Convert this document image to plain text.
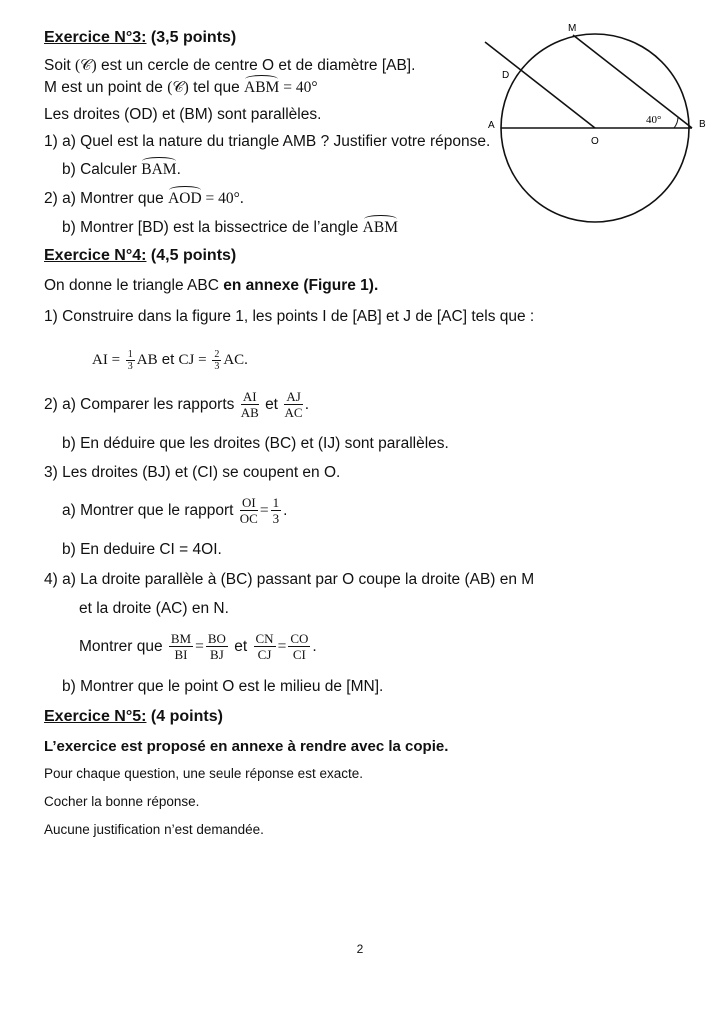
Exercice N°3: (3,5 points)
Soit (𝒞) est un cercle de centre O et de diamètre [AB].
M est un point de (𝒞) tel que ABM = 40°
Les droites (OD) et (BM) sont parallèles.
1) a) Quel est la nature du triangle AMB ? Justifier votre réponse.
b) Calculer BAM.
2) a) Montrer que AOD = 40°.
b) Montrer [BD) est la bissectrice de l’angle ABM
M
D
A
O
B
40°
Exercice N°4: (4,5 points)
On donne le triangle ABC en annexe (Figure 1).
1) Construire dans la figure 1, les points I de [AB] et J de [AC] tels que :
AI = $\frac{1}{3}$ AB et CJ = $\frac{2}{3}$ AC.
2) a) Comparer les rapports $\frac{AI}{AB}$ et $\frac{AJ}{AC}$ .
b) En déduire que les droites (BC) et (IJ) sont parallèles.
3) Les droites (BJ) et (CI) se coupent en O.
a) Montrer que le rapport $\frac{OI}{OC} = \frac{1}{3}$ .
b) En deduire CI = 4OI.
4) a) La droite parallèle à (BC) passant par O coupe la droite (AB) en M
et la droite (AC) en N.
Montrer que $\frac{BM}{BI} = \frac{BO}{BJ}$ et $\frac{CN}{CJ} = \frac{CO}{CI}$ .
b) Montrer que le point O est le milieu de [MN].
Exercice N°5: (4 points)
L’exercice est proposé en annexe à rendre avec la copie.
Pour chaque question, une seule réponse est exacte.
Cocher la bonne réponse.
Aucune justification n’est demandée.
2
